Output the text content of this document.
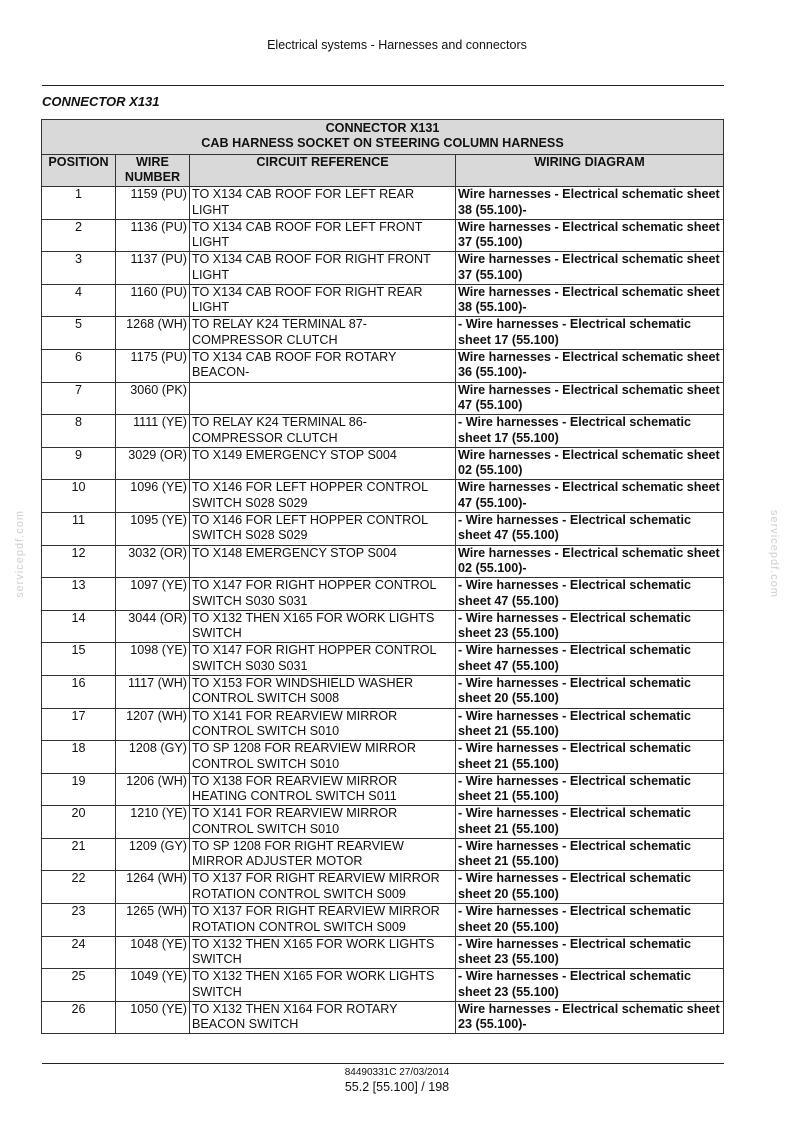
Electrical systems - Harnesses and connectors
CONNECTOR X131
CONNECTOR X131
CAB HARNESS SOCKET ON STEERING COLUMN HARNESS			

POSITION	WIRE NUMBER	CIRCUIT REFERENCE	WIRING DIAGRAM
1	1159 (PU)	TO X134 CAB ROOF FOR LEFT REAR LIGHT	Wire harnesses - Electrical schematic sheet 38 (55.100)-
2	1136 (PU)	TO X134 CAB ROOF FOR LEFT FRONT LIGHT	Wire harnesses - Electrical schematic sheet 37 (55.100)
3	1137 (PU)	TO X134 CAB ROOF FOR RIGHT FRONT LIGHT	Wire harnesses - Electrical schematic sheet 37 (55.100)
4	1160 (PU)	TO X134 CAB ROOF FOR RIGHT REAR LIGHT	Wire harnesses - Electrical schematic sheet 38 (55.100)-
5	1268 (WH)	TO RELAY K24 TERMINAL 87-COMPRESSOR CLUTCH	- Wire harnesses - Electrical schematic sheet 17 (55.100)
6	1175 (PU)	TO X134 CAB ROOF FOR ROTARY BEACON-	Wire harnesses - Electrical schematic sheet 36 (55.100)-
7	3060 (PK)		Wire harnesses - Electrical schematic sheet 47 (55.100)
8	1111 (YE)	TO RELAY K24 TERMINAL 86-COMPRESSOR CLUTCH	- Wire harnesses - Electrical schematic sheet 17 (55.100)
9	3029 (OR)	TO X149 EMERGENCY STOP S004	Wire harnesses - Electrical schematic sheet 02 (55.100)
10	1096 (YE)	TO X146 FOR LEFT HOPPER CONTROL SWITCH S028 S029	Wire harnesses - Electrical schematic sheet 47 (55.100)-
11	1095 (YE)	TO X146 FOR LEFT HOPPER CONTROL SWITCH S028 S029	- Wire harnesses - Electrical schematic sheet 47 (55.100)
12	3032 (OR)	TO X148 EMERGENCY STOP S004	Wire harnesses - Electrical schematic sheet 02 (55.100)-
13	1097 (YE)	TO X147 FOR RIGHT HOPPER CONTROL SWITCH S030 S031	- Wire harnesses - Electrical schematic sheet 47 (55.100)
14	3044 (OR)	TO X132 THEN X165 FOR WORK LIGHTS SWITCH	- Wire harnesses - Electrical schematic sheet 23 (55.100)
15	1098 (YE)	TO X147 FOR RIGHT HOPPER CONTROL SWITCH S030 S031	- Wire harnesses - Electrical schematic sheet 47 (55.100)
16	1117 (WH)	TO X153 FOR WINDSHIELD WASHER CONTROL SWITCH S008	- Wire harnesses - Electrical schematic sheet 20 (55.100)
17	1207 (WH)	TO X141 FOR REARVIEW MIRROR CONTROL SWITCH S010	- Wire harnesses - Electrical schematic sheet 21 (55.100)
18	1208 (GY)	TO SP 1208 FOR REARVIEW MIRROR CONTROL SWITCH S010	- Wire harnesses - Electrical schematic sheet 21 (55.100)
19	1206 (WH)	TO X138 FOR REARVIEW MIRROR HEATING CONTROL SWITCH S011	- Wire harnesses - Electrical schematic sheet 21 (55.100)
20	1210 (YE)	TO X141 FOR REARVIEW MIRROR CONTROL SWITCH S010	- Wire harnesses - Electrical schematic sheet 21 (55.100)
21	1209 (GY)	TO SP 1208 FOR RIGHT REARVIEW MIRROR ADJUSTER MOTOR	- Wire harnesses - Electrical schematic sheet 21 (55.100)
22	1264 (WH)	TO X137 FOR RIGHT REARVIEW MIRROR ROTATION CONTROL SWITCH S009	- Wire harnesses - Electrical schematic sheet 20 (55.100)
23	1265 (WH)	TO X137 FOR RIGHT REARVIEW MIRROR ROTATION CONTROL SWITCH S009	- Wire harnesses - Electrical schematic sheet 20 (55.100)
24	1048 (YE)	TO X132 THEN X165 FOR WORK LIGHTS SWITCH	- Wire harnesses - Electrical schematic sheet 23 (55.100)
25	1049 (YE)	TO X132 THEN X165 FOR WORK LIGHTS SWITCH	- Wire harnesses - Electrical schematic sheet 23 (55.100)
26	1050 (YE)	TO X132 THEN X164 FOR ROTARY BEACON SWITCH	Wire harnesses - Electrical schematic sheet 23 (55.100)-
servicepdf.com	servicepdf.com
84490331C 27/03/2014
55.2 [55.100] / 198
